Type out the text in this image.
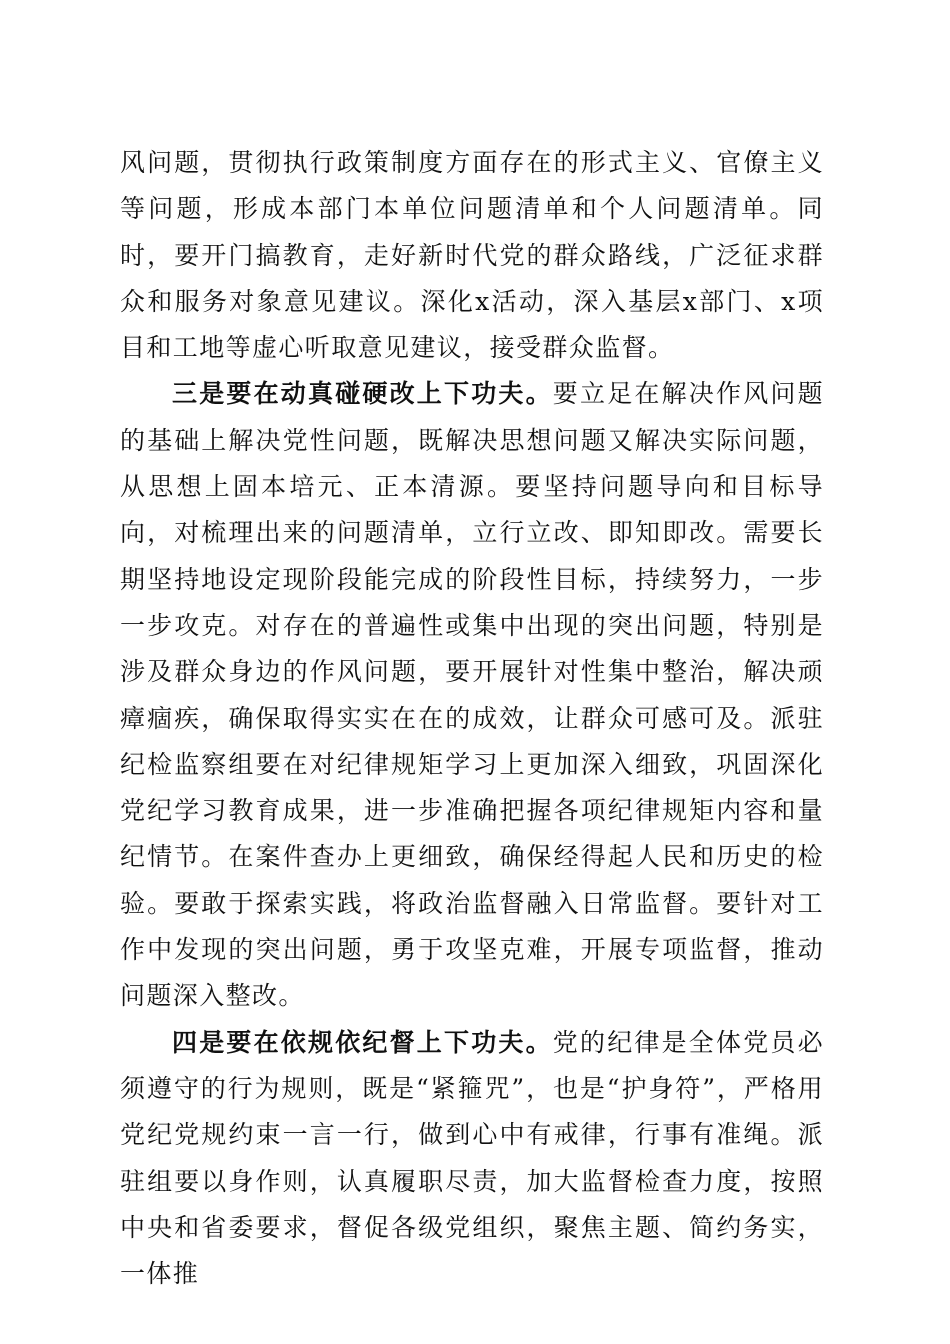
风问题，贯彻执行政策制度方面存在的形式主义、官僚主义等问题，形成本部门本单位问题清单和个人问题清单。同时，要开门搞教育，走好新时代党的群众路线，广泛征求群众和服务对象意见建议。深化x活动，深入基层x部门、x项目和工地等虚心听取意见建议，接受群众监督。

三是要在动真碰硬改上下功夫。要立足在解决作风问题的基础上解决党性问题，既解决思想问题又解决实际问题，从思想上固本培元、正本清源。要坚持问题导向和目标导向，对梳理出来的问题清单，立行立改、即知即改。需要长期坚持地设定现阶段能完成的阶段性目标，持续努力，一步一步攻克。对存在的普遍性或集中出现的突出问题，特别是涉及群众身边的作风问题，要开展针对性集中整治，解决顽瘴痼疾，确保取得实实在在的成效，让群众可感可及。派驻纪检监察组要在对纪律规矩学习上更加深入细致，巩固深化党纪学习教育成果，进一步准确把握各项纪律规矩内容和量纪情节。在案件查办上更细致，确保经得起人民和历史的检验。要敢于探索实践，将政治监督融入日常监督。要针对工作中发现的突出问题，勇于攻坚克难，开展专项监督，推动问题深入整改。

四是要在依规依纪督上下功夫。党的纪律是全体党员必须遵守的行为规则，既是“紧箍咒”，也是“护身符”，严格用党纪党规约束一言一行，做到心中有戒律，行事有准绳。派驻组要以身作则，认真履职尽责，加大监督检查力度，按照中央和省委要求，督促各级党组织，聚焦主题、简约务实，一体推
